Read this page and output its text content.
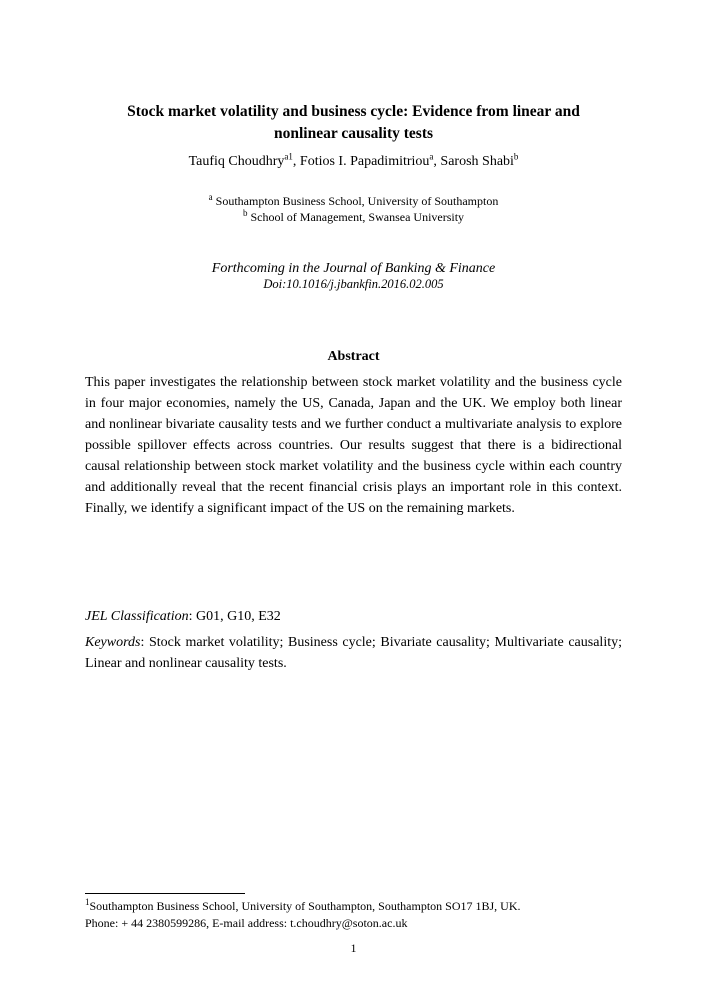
Stock market volatility and business cycle: Evidence from linear and
nonlinear causality tests
Taufiq Choudhry$^{a1}$, Fotios I. Papadimitriou$^a$, Sarosh Shabi$^b$
$^a$ Southampton Business School, University of Southampton
$^b$ School of Management, Swansea University
Forthcoming in the Journal of Banking & Finance
Doi:10.1016/j.jbankfin.2016.02.005
Abstract
This paper investigates the relationship between stock market volatility and the business cycle in four major economies, namely the US, Canada, Japan and the UK. We employ both linear and nonlinear bivariate causality tests and we further conduct a multivariate analysis to explore possible spillover effects across countries. Our results suggest that there is a bidirectional causal relationship between stock market volatility and the business cycle within each country and additionally reveal that the recent financial crisis plays an important role in this context. Finally, we identify a significant impact of the US on the remaining markets.
JEL Classification: G01, G10, E32
Keywords: Stock market volatility; Business cycle; Bivariate causality; Multivariate causality; Linear and nonlinear causality tests.
$^1$Southampton Business School, University of Southampton, Southampton SO17 1BJ, UK.
Phone: + 44 2380599286, E-mail address: t.choudhry@soton.ac.uk
1
